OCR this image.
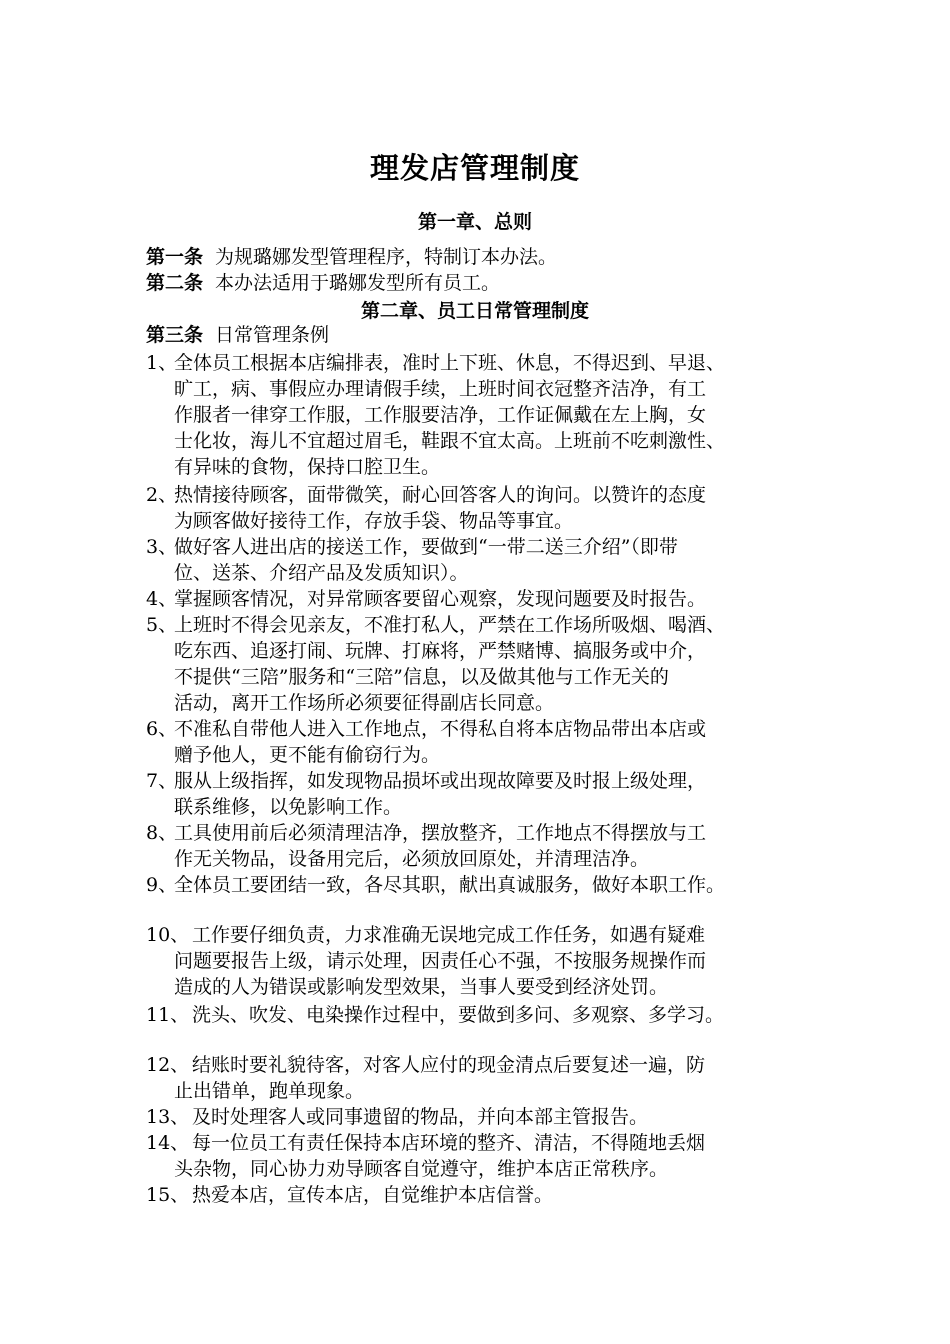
理发店管理制度
第一章、总则
第一条 为规璐娜发型管理程序，特制订本办法。
第二条 本办法适用于璐娜发型所有员工。
第二章、员工日常管理制度
第三条 日常管理条例
1、
全体员工根据本店编排表，准时上下班、休息，不得迟到、早退、
旷工，病、事假应办理请假手续，上班时间衣冠整齐洁净，有工
作服者一律穿工作服，工作服要洁净，工作证佩戴在左上胸，女
士化妆，海儿不宜超过眉毛，鞋跟不宜太高。上班前不吃刺激性、
有异味的食物，保持口腔卫生。
2、
热情接待顾客，面带微笑，耐心回答客人的询问。以赞许的态度
为顾客做好接待工作，存放手袋、物品等事宜。
3、
做好客人进出店的接送工作，要做到“一带二送三介绍”（即带
位、送茶、介绍产品及发质知识）。
4、
掌握顾客情况，对异常顾客要留心观察，发现问题要及时报告。
5、
上班时不得会见亲友，不准打私人，严禁在工作场所吸烟、喝酒、
吃东西、追逐打闹、玩牌、打麻将，严禁赌博、搞服务或中介，
不提供“三陪”服务和“三陪”信息，以及做其他与工作无关的
活动，离开工作场所必须要征得副店长同意。
6、
不准私自带他人进入工作地点，不得私自将本店物品带出本店或
赠予他人，更不能有偷窃行为。
7、
服从上级指挥，如发现物品损坏或出现故障要及时报上级处理，
联系维修，以免影响工作。
8、
工具使用前后必须清理洁净，摆放整齐，工作地点不得摆放与工
作无关物品，设备用完后，必须放回原处，并清理洁净。
9、
全体员工要团结一致，各尽其职，献出真诚服务，做好本职工作。
10、 工作要仔细负责，力求准确无误地完成工作任务，如遇有疑难
问题要报告上级，请示处理，因责任心不强，不按服务规操作而
造成的人为错误或影响发型效果，当事人要受到经济处罚。
11、 洗头、吹发、电染操作过程中，要做到多问、多观察、多学习。
12、 结账时要礼貌待客，对客人应付的现金清点后要复述一遍，防
止出错单，跑单现象。
13、 及时处理客人或同事遗留的物品，并向本部主管报告。
14、 每一位员工有责任保持本店环境的整齐、清洁，不得随地丢烟
头杂物，同心协力劝导顾客自觉遵守，维护本店正常秩序。
15、 热爱本店，宣传本店，自觉维护本店信誉。
